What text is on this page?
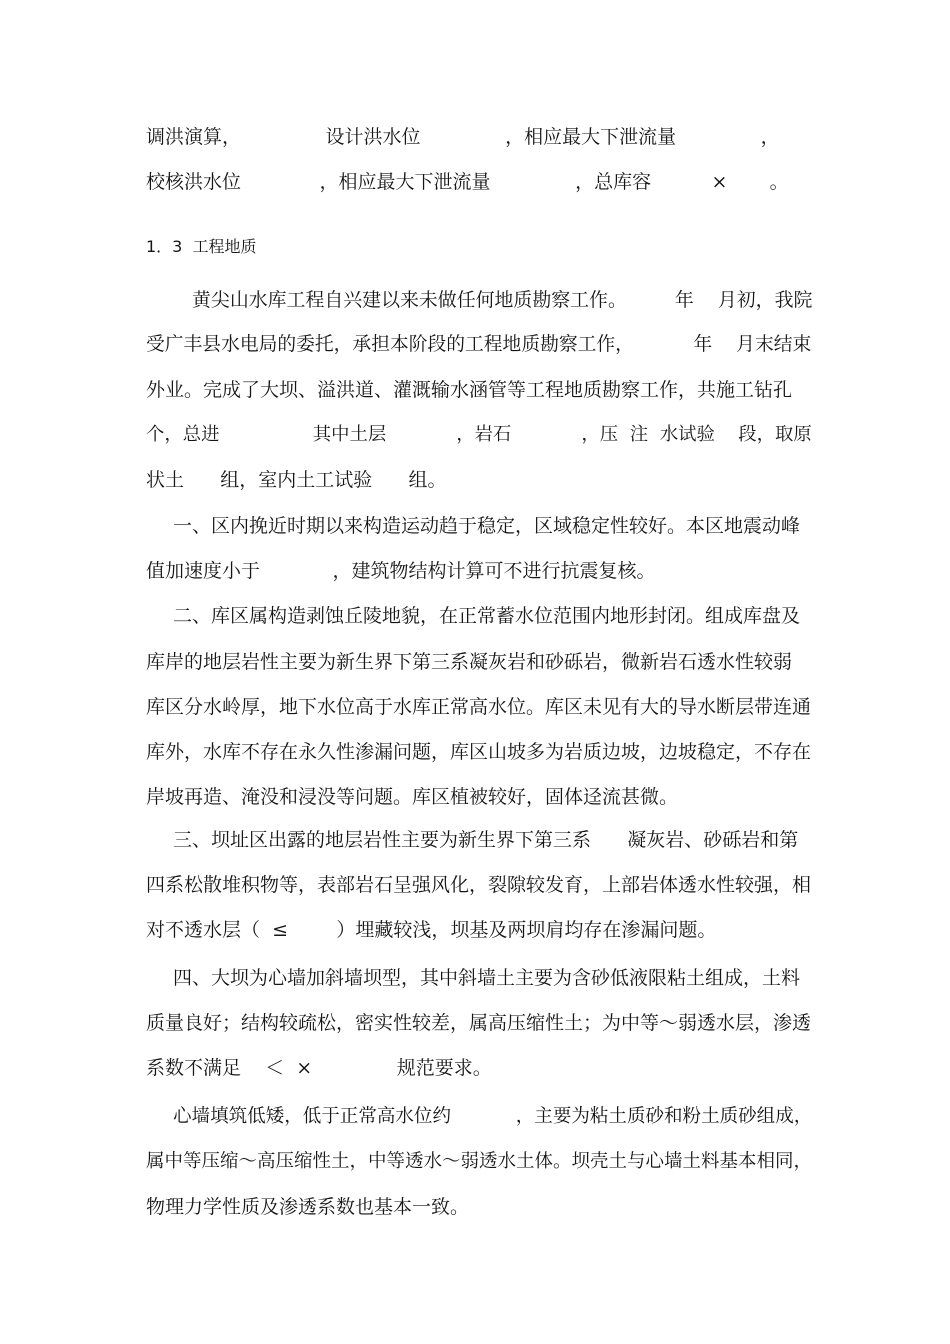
调洪演算，              设计洪水位              ，相应最大下泄流量              ，
校核洪水位             ，相应最大下泄流量              ，总库容          ×       。
1．3  工程地质
黄尖山水库工程自兴建以来未做任何地质勘察工作。        年    月初，我院
受广丰县水电局的委托，承担本阶段的工程地质勘察工作，          年    月末结束
外业。完成了大坝、溢洪道、灌溉输水涵管等工程地质勘察工作，共施工钻孔
个，总进                其中土层            ，岩石            ，压  注  水试验    段，取原
状土      组，室内土工试验      组。
一、区内挽近时期以来构造运动趋于稳定，区域稳定性较好。本区地震动峰
值加速度小于            ，建筑物结构计算可不进行抗震复核。
二、库区属构造剥蚀丘陵地貌，在正常蓄水位范围内地形封闭。组成库盘及
库岸的地层岩性主要为新生界下第三系凝灰岩和砂砾岩，微新岩石透水性较弱
库区分水岭厚，地下水位高于水库正常高水位。库区未见有大的导水断层带连通
库外，水库不存在永久性渗漏问题，库区山坡多为岩质边坡，边坡稳定，不存在
岸坡再造、淹没和浸没等问题。库区植被较好，固体迳流甚微。
三、坝址区出露的地层岩性主要为新生界下第三系      凝灰岩、砂砾岩和第
四系松散堆积物等，表部岩石呈强风化，裂隙较发育，上部岩体透水性较强，相
对不透水层（  ≤        ）埋藏较浅，坝基及两坝肩均存在渗漏问题。
四、大坝为心墙加斜墙坝型，其中斜墙土主要为含砂低液限粘土组成，土料
质量良好；结构较疏松，密实性较差，属高压缩性土；为中等～弱透水层，渗透
系数不满足    ＜  ×              规范要求。
心墙填筑低矮，低于正常高水位约           ，主要为粘土质砂和粉土质砂组成，
属中等压缩～高压缩性土，中等透水～弱透水土体。坝壳土与心墙土料基本相同，
物理力学性质及渗透系数也基本一致。
